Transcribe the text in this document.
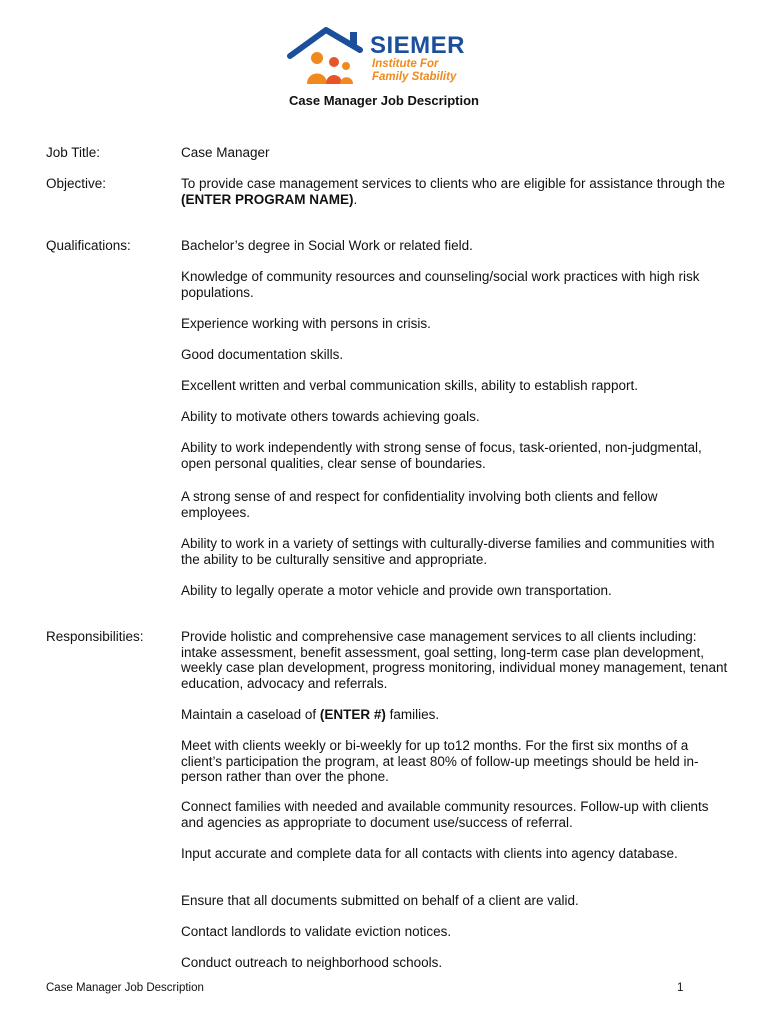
SIEMER
Institute For
Family Stability
Case Manager Job Description
Job Title:	Case Manager
Objective:	To provide case management services to clients who are eligible for assistance through the (ENTER PROGRAM NAME).
Qualifications:	Bachelor’s degree in Social Work or related field.
Knowledge of community resources and counseling/social work practices with high risk populations.
Experience working with persons in crisis.
Good documentation skills.
Excellent written and verbal communication skills, ability to establish rapport.
Ability to motivate others towards achieving goals.
Ability to work independently with strong sense of focus, task-oriented, non-judgmental, open personal qualities, clear sense of boundaries.
A strong sense of and respect for confidentiality involving both clients and fellow employees.
Ability to work in a variety of settings with culturally-diverse families and communities with the ability to be culturally sensitive and appropriate.
Ability to legally operate a motor vehicle and provide own transportation.
Responsibilities:	Provide holistic and comprehensive case management services to all clients including: intake assessment, benefit assessment, goal setting, long-term case plan development, weekly case plan development, progress monitoring, individual money management, tenant education, advocacy and referrals.
Maintain a caseload of (ENTER #) families.
Meet with clients weekly or bi-weekly for up to12 months. For the first six months of a client’s participation the program, at least 80% of follow-up meetings should be held in-person rather than over the phone.
Connect families with needed and available community resources. Follow-up with clients and agencies as appropriate to document use/success of referral.
Input accurate and complete data for all contacts with clients into agency database.
Ensure that all documents submitted on behalf of a client are valid.
Contact landlords to validate eviction notices.
Conduct outreach to neighborhood schools.
Case Manager Job Description	1
